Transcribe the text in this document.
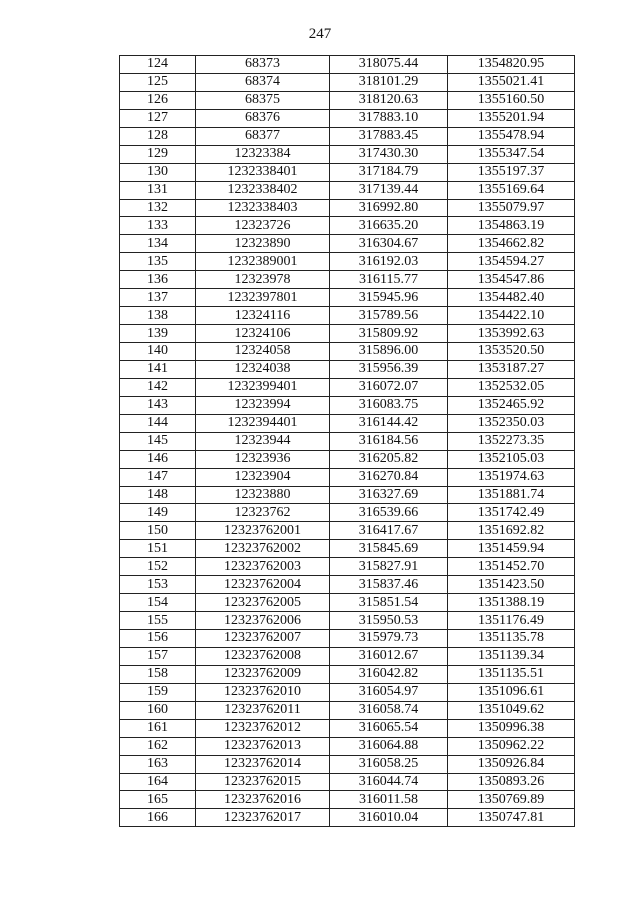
247
124	68373	318075.44	1354820.95
125	68374	318101.29	1355021.41
126	68375	318120.63	1355160.50
127	68376	317883.10	1355201.94
128	68377	317883.45	1355478.94
129	12323384	317430.30	1355347.54
130	1232338401	317184.79	1355197.37
131	1232338402	317139.44	1355169.64
132	1232338403	316992.80	1355079.97
133	12323726	316635.20	1354863.19
134	12323890	316304.67	1354662.82
135	1232389001	316192.03	1354594.27
136	12323978	316115.77	1354547.86
137	1232397801	315945.96	1354482.40
138	12324116	315789.56	1354422.10
139	12324106	315809.92	1353992.63
140	12324058	315896.00	1353520.50
141	12324038	315956.39	1353187.27
142	1232399401	316072.07	1352532.05
143	12323994	316083.75	1352465.92
144	1232394401	316144.42	1352350.03
145	12323944	316184.56	1352273.35
146	12323936	316205.82	1352105.03
147	12323904	316270.84	1351974.63
148	12323880	316327.69	1351881.74
149	12323762	316539.66	1351742.49
150	12323762001	316417.67	1351692.82
151	12323762002	315845.69	1351459.94
152	12323762003	315827.91	1351452.70
153	12323762004	315837.46	1351423.50
154	12323762005	315851.54	1351388.19
155	12323762006	315950.53	1351176.49
156	12323762007	315979.73	1351135.78
157	12323762008	316012.67	1351139.34
158	12323762009	316042.82	1351135.51
159	12323762010	316054.97	1351096.61
160	12323762011	316058.74	1351049.62
161	12323762012	316065.54	1350996.38
162	12323762013	316064.88	1350962.22
163	12323762014	316058.25	1350926.84
164	12323762015	316044.74	1350893.26
165	12323762016	316011.58	1350769.89
166	12323762017	316010.04	1350747.81
